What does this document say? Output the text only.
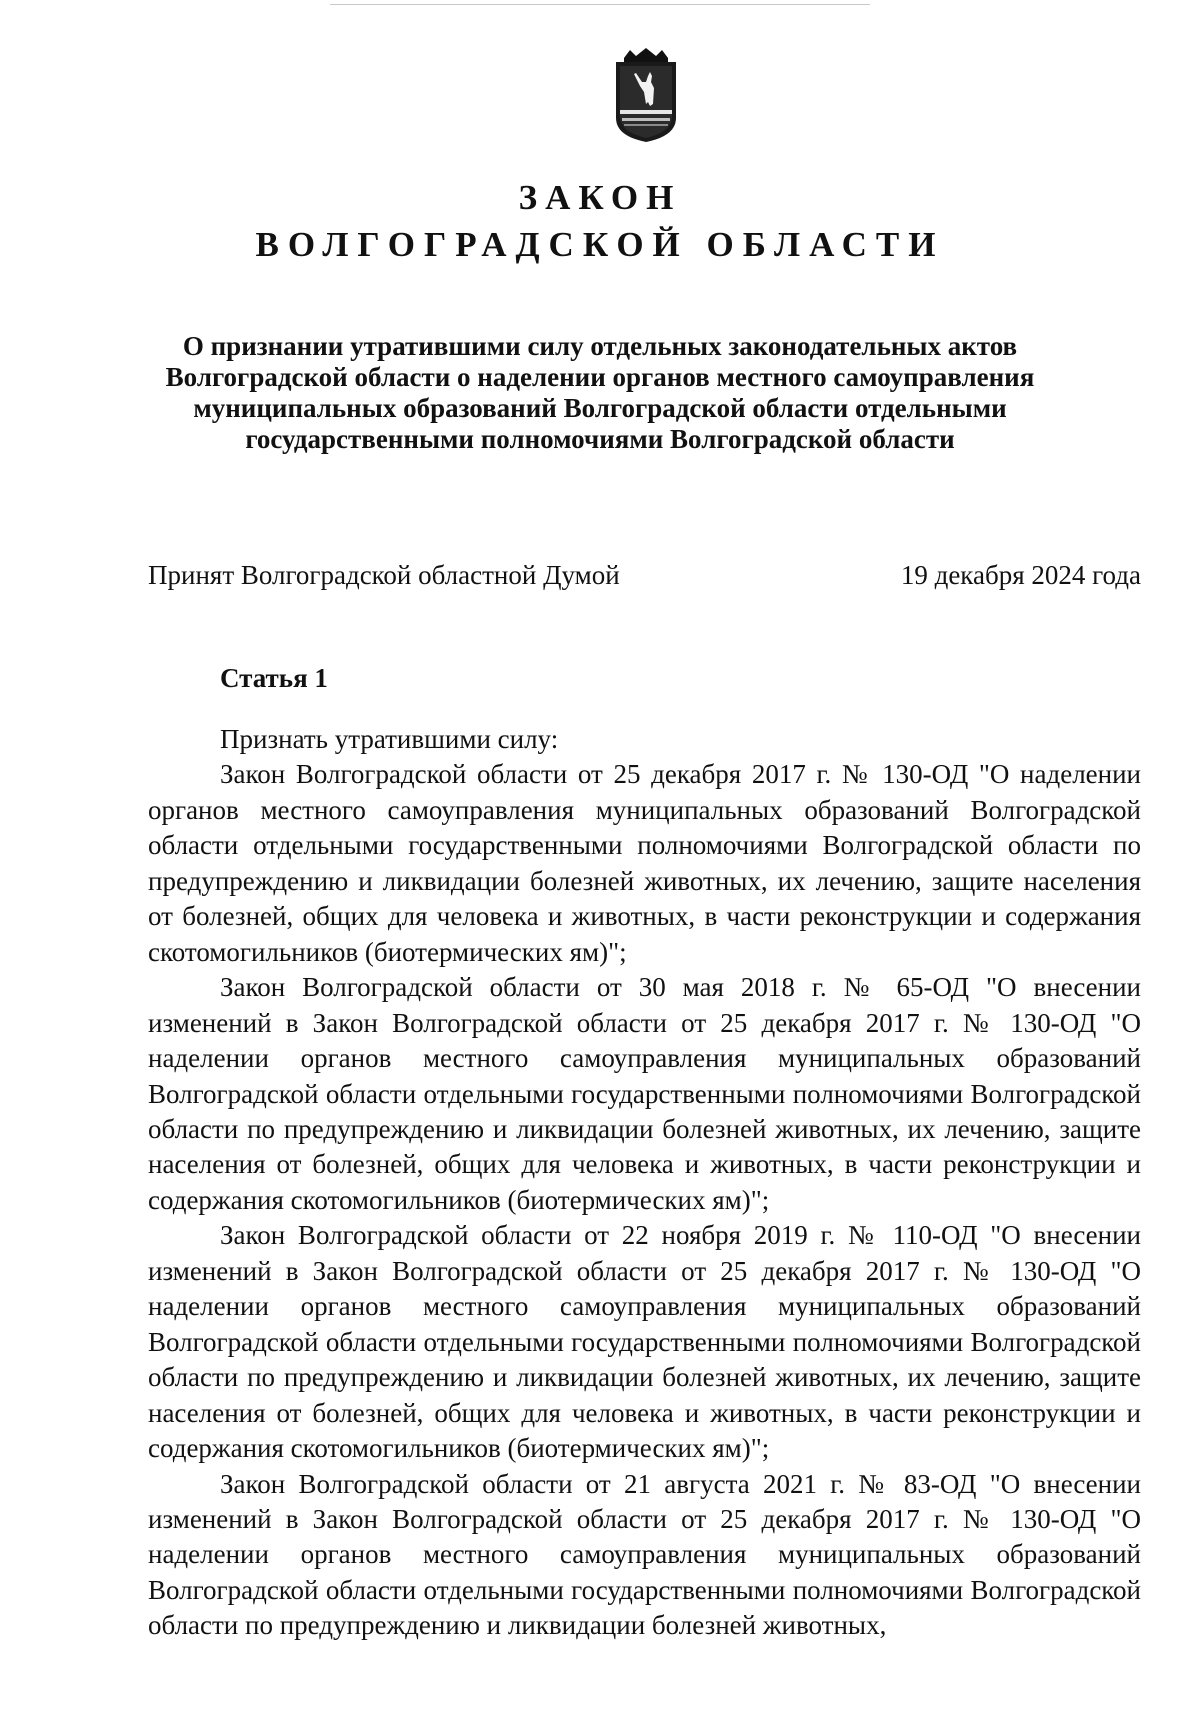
ЗАКОН
ВОЛГОГРАДСКОЙ ОБЛАСТИ
О признании утратившими силу отдельных законодательных актов Волгоградской области о наделении органов местного самоуправления муниципальных образований Волгоградской области отдельными государственными полномочиями Волгоградской области
Принят Волгоградской областной Думой	19 декабря 2024 года
Статья 1

Признать утратившими силу:

Закон Волгоградской области от 25 декабря 2017 г. № 130-ОД "О наделении органов местного самоуправления муниципальных образований Волгоградской области отдельными государственными полномочиями Волгоградской области по предупреждению и ликвидации болезней животных, их лечению, защите населения от болезней, общих для человека и животных, в части реконструкции и содержания скотомогильников (биотермических ям)";

Закон Волгоградской области от 30 мая 2018 г. № 65-ОД "О внесении изменений в Закон Волгоградской области от 25 декабря 2017 г. № 130-ОД "О наделении органов местного самоуправления муниципальных образований Волгоградской области отдельными государственными полномочиями Волгоградской области по предупреждению и ликвидации болезней животных, их лечению, защите населения от болезней, общих для человека и животных, в части реконструкции и содержания скотомогильников (биотермических ям)";

Закон Волгоградской области от 22 ноября 2019 г. № 110-ОД "О внесении изменений в Закон Волгоградской области от 25 декабря 2017 г. № 130-ОД "О наделении органов местного самоуправления муниципальных образований Волгоградской области отдельными государственными полномочиями Волгоградской области по предупреждению и ликвидации болезней животных, их лечению, защите населения от болезней, общих для человека и животных, в части реконструкции и содержания скотомогильников (биотермических ям)";

Закон Волгоградской области от 21 августа 2021 г. № 83-ОД "О внесении изменений в Закон Волгоградской области от 25 декабря 2017 г. № 130-ОД "О наделении органов местного самоуправления муниципальных образований Волгоградской области отдельными государственными полномочиями Волгоградской области по предупреждению и ликвидации болезней животных,
